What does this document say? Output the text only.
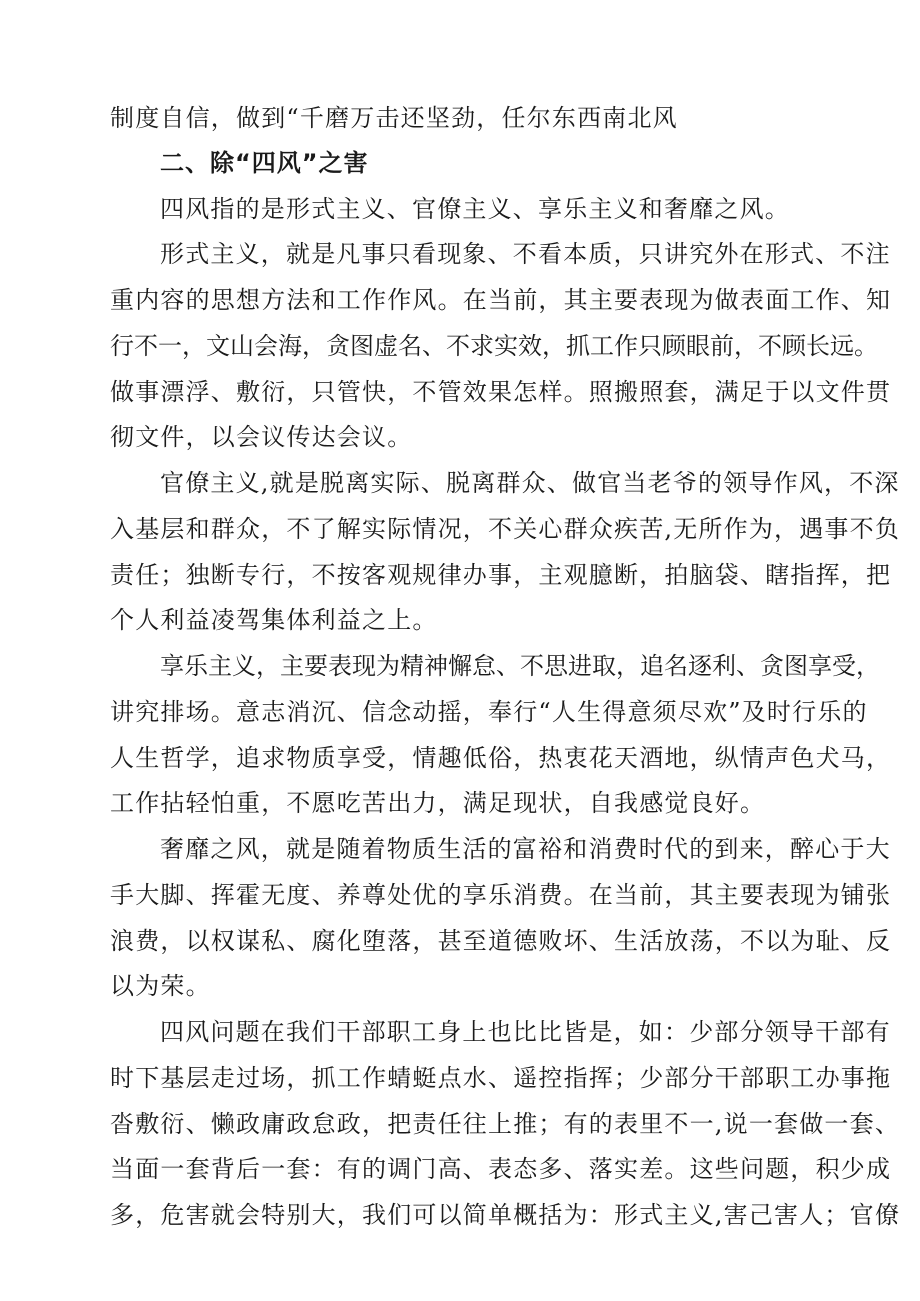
制度自信，做到“千磨万击还坚劲，任尔东西南北风
二、除“四风”之害
四风指的是形式主义、官僚主义、享乐主义和奢靡之风。
形式主义，就是凡事只看现象、不看本质，只讲究外在形式、不注
重内容的思想方法和工作作风。在当前，其主要表现为做表面工作、知
行不一，文山会海，贪图虚名、不求实效，抓工作只顾眼前，不顾长远。
做事漂浮、敷衍，只管快，不管效果怎样。照搬照套，满足于以文件贯
彻文件，以会议传达会议。
官僚主义,就是脱离实际、脱离群众、做官当老爷的领导作风，不深
入基层和群众，不了解实际情况，不关心群众疾苦,无所作为，遇事不负
责任；独断专行，不按客观规律办事，主观臆断，拍脑袋、瞎指挥，把
个人利益凌驾集体利益之上。
享乐主义，主要表现为精神懈怠、不思进取，追名逐利、贪图享受，
讲究排场。意志消沉、信念动摇，奉行“人生得意须尽欢”及时行乐的
人生哲学，追求物质享受，情趣低俗，热衷花天酒地，纵情声色犬马，
工作拈轻怕重，不愿吃苦出力，满足现状，自我感觉良好。
奢靡之风，就是随着物质生活的富裕和消费时代的到来，醉心于大
手大脚、挥霍无度、养尊处优的享乐消费。在当前，其主要表现为铺张
浪费，以权谋私、腐化堕落，甚至道德败坏、生活放荡，不以为耻、反
以为荣。
四风问题在我们干部职工身上也比比皆是，如：少部分领导干部有
时下基层走过场，抓工作蜻蜓点水、遥控指挥；少部分干部职工办事拖
沓敷衍、懒政庸政怠政，把责任往上推；有的表里不一,说一套做一套、
当面一套背后一套：有的调门高、表态多、落实差。这些问题，积少成
多，危害就会特别大，我们可以简单概括为：形式主义,害己害人；官僚
